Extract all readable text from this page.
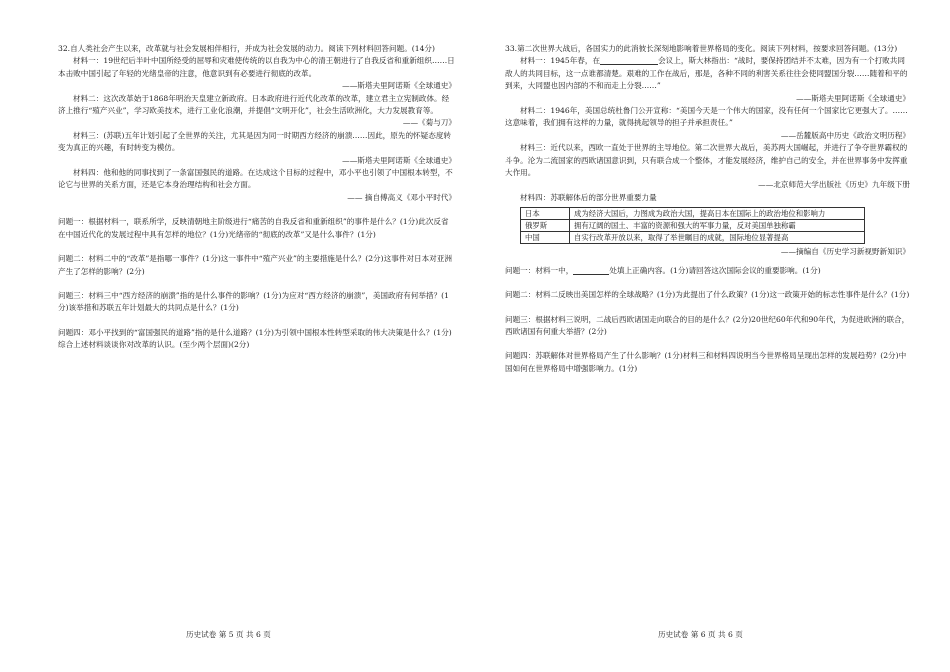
32.自人类社会产生以来，改革就与社会发展相伴相行，并成为社会发展的动力。阅读下列材料回答问题。(14分)

材料一：19世纪后半叶中国所经受的屈辱和灾难使传统的以自我为中心的清王朝进行了自我反省和重新组织……日本击败中国引起了年轻的光绪皇帝的注意，他意识到有必要进行彻底的改革。

——斯塔夫里阿诺斯《全球通史》

材料二：这次改革始于1868年明治天皇建立新政府。日本政府进行近代化改革的改革，建立君主立宪制政体。经济上推行“殖产兴业”，学习欧美技术，进行工业化浪潮，并提倡“文明开化”，社会生活欧洲化，大力发展教育等。

——《菊与刀》

材料三：(苏联)五年计划引起了全世界的关注，尤其是因为同一时期西方经济的崩溃……因此，原先的怀疑态度转变为真正的兴趣，有时转变为模仿。

——斯塔夫里阿诺斯《全球通史》

材料四：他和他的同事找到了一条富国强民的道路。在达成这个目标的过程中，邓小平也引领了中国根本转型，不论它与世界的关系方面，还是它本身治理结构和社会方面。

—— 摘自傅高义《邓小平时代》

问题一：根据材料一，联系所学，反映清朝地主阶级进行“痛苦的自我反省和重新组织”的事件是什么？(1分)此次反省在中国近代化的发展过程中具有怎样的地位？(1分)光绪帝的“彻底的改革”又是什么事件？(1分)

问题二：材料二中的“改革”是指哪一事件？(1分)这一事件中“殖产兴业”的主要措施是什么？(2分)这事件对日本对亚洲产生了怎样的影响？(2分)

问题三：材料三中“西方经济的崩溃”指的是什么事件的影响？(1分)为应对“西方经济的崩溃”，美国政府有何举措？(1分)该举措和苏联五年计划最大的共同点是什么？(1分)

问题四：邓小平找到的“富国强民的道路”指的是什么道路？(1分)为引领中国根本性转型采取的伟大决策是什么？(1分)综合上述材料谈谈你对改革的认识。(至少两个层面)(2分)

33.第二次世界大战后，各国实力的此消彼长深刻地影响着世界格局的变化。阅读下列材料，按要求回答问题。(13分)

材料一：1945年春，在	会议上，斯大林指出：“战时，要保持团结并不太难，因为有一个打败共同敌人的共同目标，这一点谁都清楚。艰难的工作在战后，那是，各种不同的利害关系往往会使同盟国分裂……随着和平的到来，大同盟也因内部的不和而走上分裂……”

——斯塔夫里阿诺斯《全球通史》

材料二：1946年，美国总统杜鲁门公开宣称：“美国今天是一个伟大的国家，没有任何一个国家比它更强大了。……这意味着，我们拥有这样的力量，就得挑起领导的担子并承担责任。”

——岳麓版高中历史《政治文明历程》

材料三：近代以来，西欧一直处于世界的主导地位。第二次世界大战后，美苏两大国崛起，并进行了争夺世界霸权的斗争。沦为二流国家的西欧诸国意识到，只有联合成一个整体，才能发展经济，维护自己的安全，并在世界事务中发挥重大作用。

——北京师范大学出版社《历史》九年级下册

材料四：苏联解体后的部分世界重要力量

日本	成为经济大国后，力图成为政治大国，提高日本在国际上的政治地位和影响力
俄罗斯	拥有辽阔的国土、丰富的资源和强大的军事力量，反对美国单独称霸
中国	自实行改革开放以来，取得了举世瞩目的成就，国际地位显著提高

——摘编自《历史学习新视野新知识》

问题一：材料一中，	处填上正确内容。(1分)请回答这次国际会议的重要影响。(1分)

问题二：材料二反映出美国怎样的全球战略？(1分)为此提出了什么政策？(1分)这一政策开始的标志性事件是什么？(1分)

问题三：根据材料三说明，二战后西欧诸国走向联合的目的是什么？(2分)20世纪60年代和90年代，为促进欧洲的联合，西欧诸国有何重大举措？(2分)

问题四：苏联解体对世界格局产生了什么影响？(1分)材料三和材料四说明当今世界格局呈现出怎样的发展趋势？(2分)中国如何在世界格局中增强影响力。(1分)

历史试卷 第 5 页 共 6 页	历史试卷 第 6 页 共 6 页
